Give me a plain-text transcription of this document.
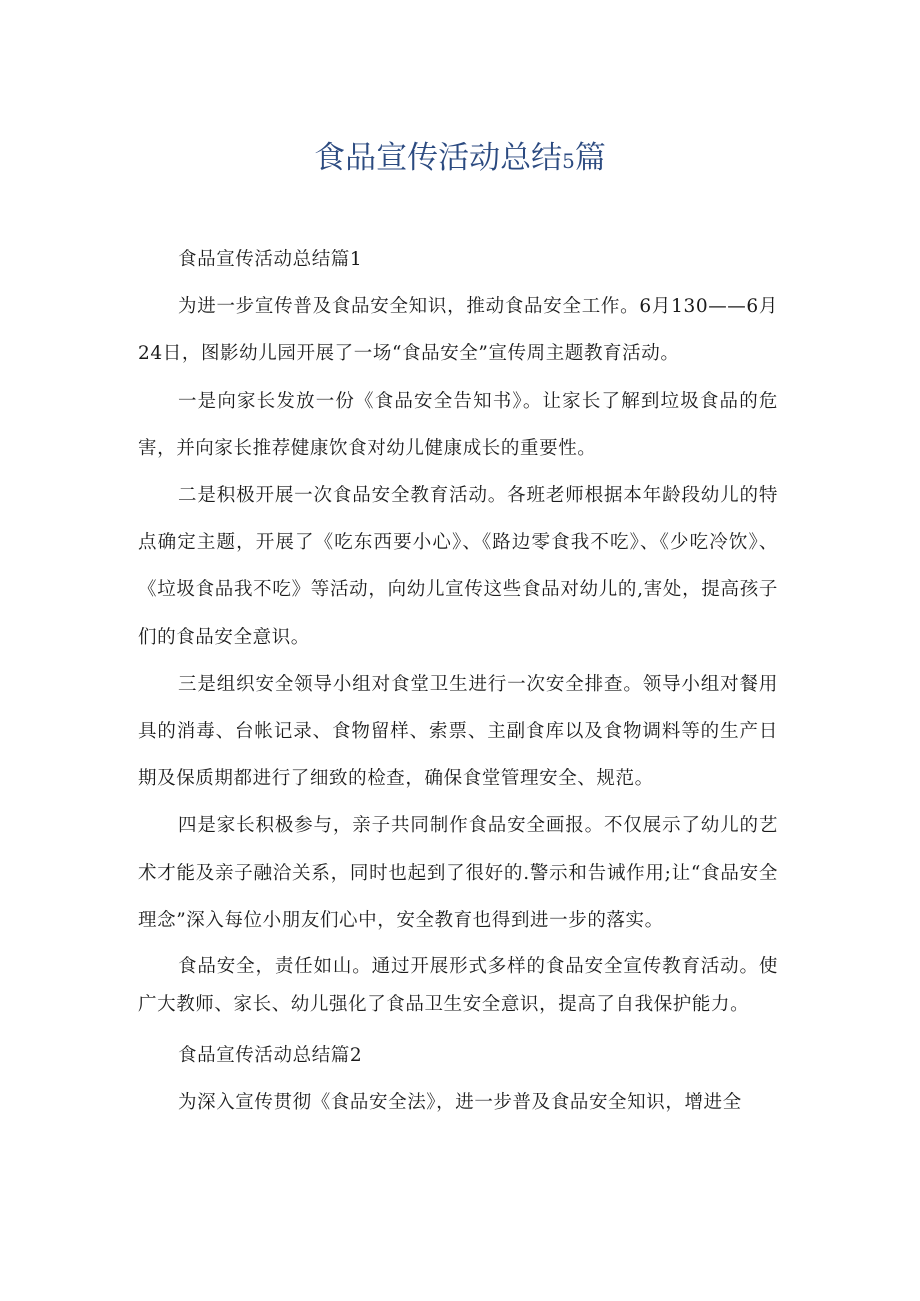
食品宣传活动总结5篇

食品宣传活动总结篇1

为进一步宣传普及食品安全知识，推动食品安全工作。6月130——6月24日，图影幼儿园开展了一场“食品安全”宣传周主题教育活动。

一是向家长发放一份《食品安全告知书》。让家长了解到垃圾食品的危害，并向家长推荐健康饮食对幼儿健康成长的重要性。

二是积极开展一次食品安全教育活动。各班老师根据本年龄段幼儿的特点确定主题，开展了《吃东西要小心》、《路边零食我不吃》、《少吃冷饮》、《垃圾食品我不吃》等活动，向幼儿宣传这些食品对幼儿的,害处，提高孩子们的食品安全意识。

三是组织安全领导小组对食堂卫生进行一次安全排查。领导小组对餐用具的消毒、台帐记录、食物留样、索票、主副食库以及食物调料等的生产日期及保质期都进行了细致的检查，确保食堂管理安全、规范。

四是家长积极参与，亲子共同制作食品安全画报。不仅展示了幼儿的艺术才能及亲子融洽关系，同时也起到了很好的.警示和告诫作用;让“食品安全理念”深入每位小朋友们心中，安全教育也得到进一步的落实。

食品安全，责任如山。通过开展形式多样的食品安全宣传教育活动。使广大教师、家长、幼儿强化了食品卫生安全意识，提高了自我保护能力。

食品宣传活动总结篇2

为深入宣传贯彻《食品安全法》，进一步普及食品安全知识，增进全
